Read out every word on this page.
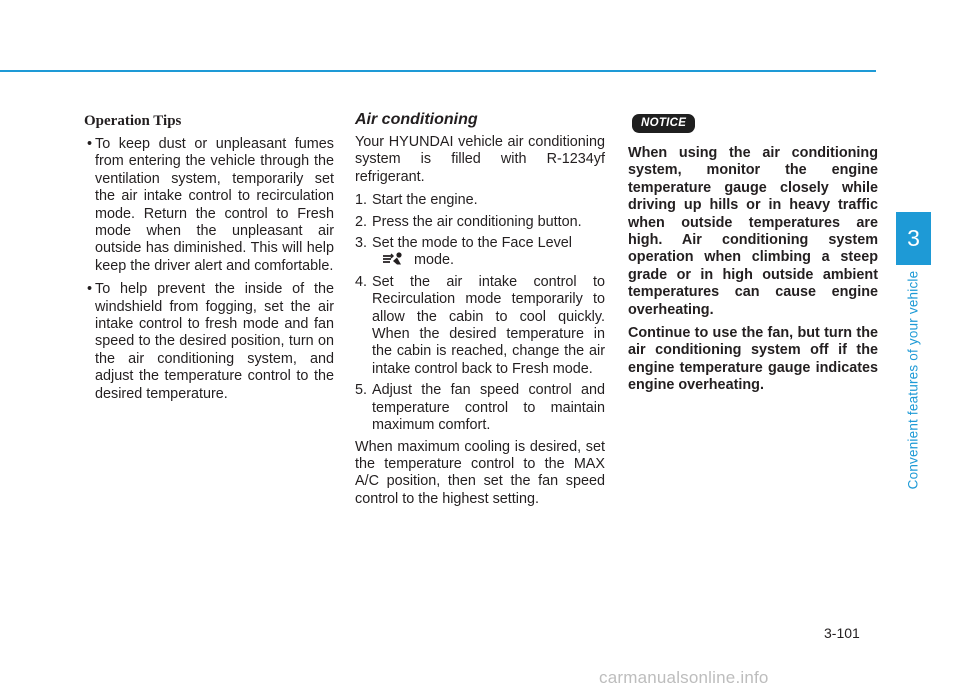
Operation Tips
• To keep dust or unpleasant fumes from entering the vehicle through the ventilation system, temporarily set the air intake control to recirculation mode. Return the control to Fresh mode when the unpleasant air outside has diminished. This will help keep the driver alert and comfortable.
• To help prevent the inside of the windshield from fogging, set the air intake control to fresh mode and fan speed to the desired position, turn on the air conditioning system, and adjust the temperature control to the desired temperature.
Air conditioning

Your HYUNDAI vehicle air conditioning system is filled with R-1234yf refrigerant.

1. Start the engine.
2. Press the air conditioning button.
3. Set the mode to the Face Level
mode.
4. Set the air intake control to Recirculation mode temporarily to allow the cabin to cool quickly. When the desired temperature in the cabin is reached, change the air intake control back to Fresh mode.
5. Adjust the fan speed control and temperature control to maintain maximum comfort.

When maximum cooling is desired, set the temperature control to the MAX A/C position, then set the fan speed control to the highest setting.

NOTICE

When using the air conditioning system, monitor the engine temperature gauge closely while driving up hills or in heavy traffic when outside temperatures are high. Air conditioning system operation when climbing a steep grade or in high outside ambient temperatures can cause engine overheating.

Continue to use the fan, but turn the air conditioning system off if the engine temperature gauge indicates engine overheating.

3
Convenient features of your vehicle
3-101
carmanualsonline.info
